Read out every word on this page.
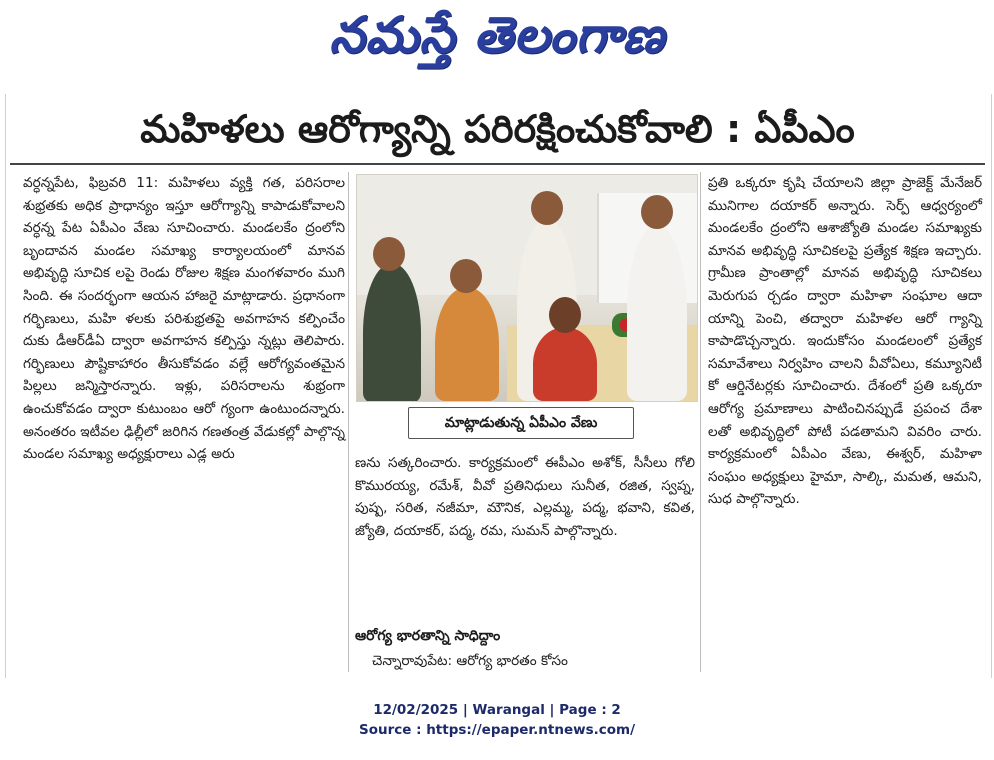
నమస్తే తెలంగాణ
మహిళలు ఆరోగ్యాన్ని పరిరక్షించుకోవాలి : ఏపీఎం

వర్ధన్నపేట, ఫిబ్రవరి 11: మహిళలు వ్యక్తి గత, పరిసరాల శుభ్రతకు అధిక ప్రాధాన్యం ఇస్తూ ఆరోగ్యాన్ని కాపాడుకోవాలని వర్ధన్న పేట ఏపీఎం వేణు సూచించారు. మండలకేం ద్రంలోని బృందావన మండల సమాఖ్య కార్యాలయంలో మానవ అభివృద్ధి సూచిక లపై రెండు రోజుల శిక్షణ మంగళవారం ముగి సింది. ఈ సందర్భంగా ఆయన హాజరై మాట్లాడారు. ప్రధానంగా గర్భిణులు, మహి ళలకు పరిశుభ్రతపై అవగాహన కల్పించేం దుకు డీఆర్‌డీఏ ద్వారా అవగాహన కల్పిస్తు న్నట్లు తెలిపారు. గర్భిణులు పౌష్టికాహారం తీసుకోవడం వల్లే ఆరోగ్యవంతమైన పిల్లలు జన్మిస్తారన్నారు. ఇళ్లు, పరిసరాలను శుభ్రంగా ఉంచుకోవడం ద్వారా కుటుంబం ఆరో గ్యంగా ఉంటుందన్నారు. అనంతరం ఇటీవల ఢిల్లీలో జరిగిన గణతంత్ర వేడుకల్లో పాల్గొన్న మండల సమాఖ్య అధ్యక్షురాలు ఎడ్ల అరు

మాట్లాడుతున్న ఏపీఎం వేణు

ణను సత్కరించారు. కార్యక్రమంలో ఈపీఎం అశోక్, సీసీలు గోలి కొమురయ్య, రమేశ్, వీవో ప్రతినిధులు సునీత, రజిత, స్వప్న, పుష్ప, సరిత, నజీమా, మౌనిక, ఎల్లమ్మ, పద్మ, భవాని, కవిత, జ్యోతి, దయాకర్, పద్మ, రమ, సుమన్ పాల్గొన్నారు.

ఆరోగ్య భారతాన్ని సాధిద్దాం

చెన్నారావుపేట: ఆరోగ్య భారతం కోసం

ప్రతి ఒక్కరూ కృషి చేయాలని జిల్లా ప్రాజెక్ట్ మేనేజర్ మునిగాల దయాకర్ అన్నారు. సెర్ప్ ఆధ్వర్యంలో మండలకేం ద్రంలోని ఆశాజ్యోతి మండల సమాఖ్యకు మానవ అభివృద్ధి సూచికలపై ప్రత్యేక శిక్షణ ఇచ్చారు. గ్రామీణ ప్రాంతాల్లో మానవ అభివృద్ధి సూచికలు మెరుగుప ర్చడం ద్వారా మహిళా సంఘాల ఆదా యాన్ని పెంచి, తద్వారా మహిళల ఆరో గ్యాన్ని కాపాడొచ్చన్నారు. ఇందుకోసం మండలంలో ప్రత్యేక సమావేశాలు నిర్వహిం చాలని వీవోఏలు, కమ్యూనిటీ కో ఆర్డినేటర్లకు సూచించారు. దేశంలో ప్రతి ఒక్కరూ ఆరోగ్య ప్రమాణాలు పాటించినప్పుడే ప్రపంచ దేశా లతో అభివృద్ధిలో పోటీ పడతామని వివరిం చారు. కార్యక్రమంలో ఏపీఎం వేణు, ఈశ్వర్, మహిళా సంఘం అధ్యక్షులు హైమా, సాల్కి, మమత, ఆమని, సుధ పాల్గొన్నారు.

12/02/2025 | Warangal | Page : 2
Source : https://epaper.ntnews.com/
